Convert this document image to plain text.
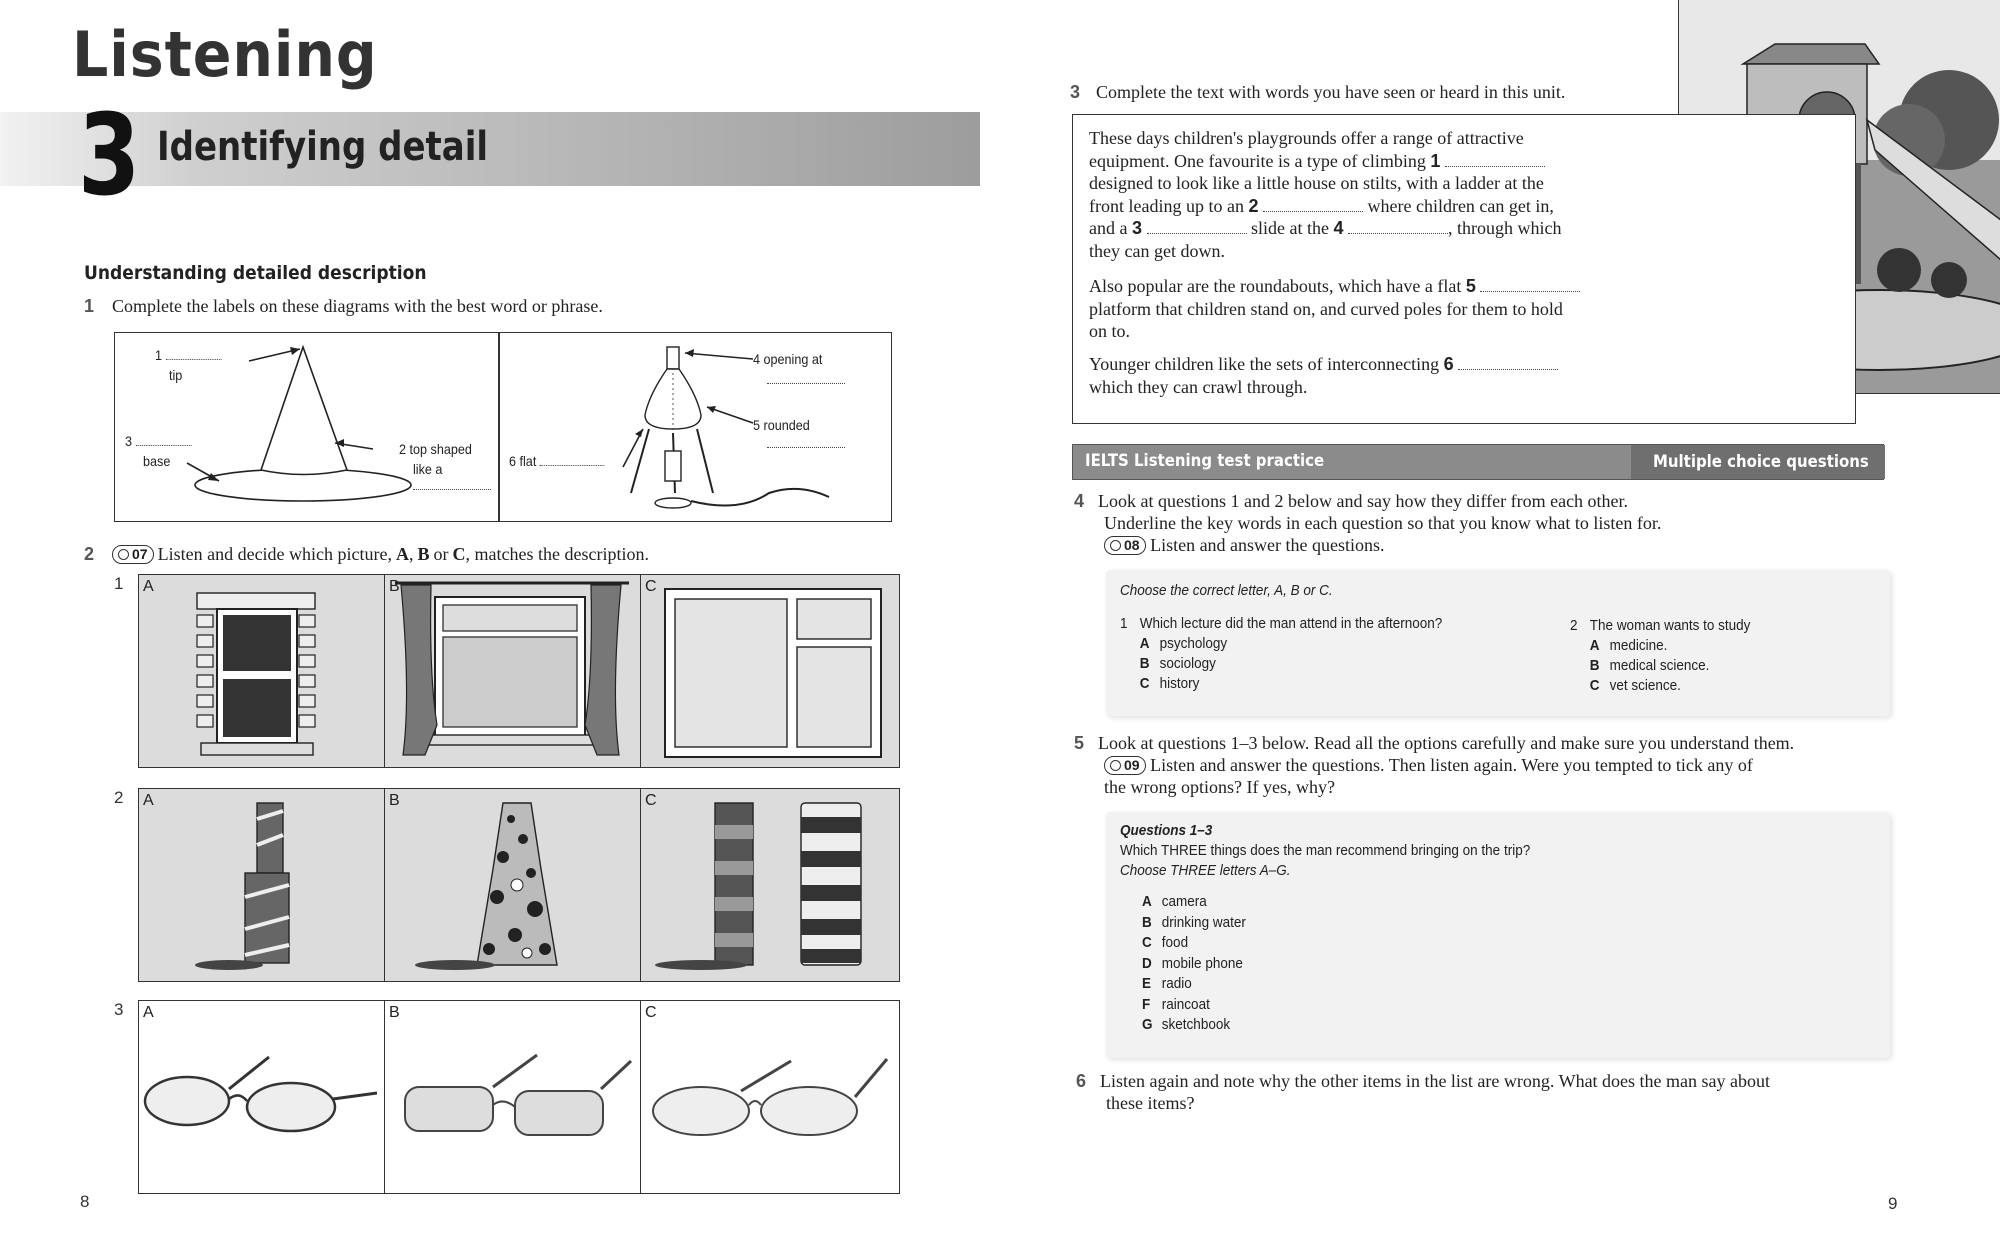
Listening
3 Identifying detail
Understanding detailed description
1 Complete the labels on these diagrams with the best word or phrase.
1
tip
3
base
2 top shaped
like a
4 opening at
5 rounded
6 flat
2	07 Listen and decide which picture, A, B or C, matches the description.
1 A	B	C
2 A	B	C
3 A	B	C
8
3 Complete the text with words you have seen or heard in this unit.
These days children's playgrounds offer a range of attractive
equipment. One favourite is a type of climbing 1
designed to look like a little house on stilts, with a ladder at the
front leading up to an 2	where children can get in,
and a 3	slide at the 4	, through which
they can get down.
Also popular are the roundabouts, which have a flat 5
platform that children stand on, and curved poles for them to hold
on to.
Younger children like the sets of interconnecting 6
which they can crawl through.
IELTS Listening test practice	Multiple choice questions
4 Look at questions 1 and 2 below and say how they differ from each other.
Underline the key words in each question so that you know what to listen for.
08 Listen and answer the questions.
Choose the correct letter, A, B or C.
1 Which lecture did the man attend in the afternoon?
A psychology
B sociology
C history
2 The woman wants to study
A medicine.
B medical science.
C vet science.
5 Look at questions 1–3 below. Read all the options carefully and make sure you understand them.
09 Listen and answer the questions. Then listen again. Were you tempted to tick any of
the wrong options? If yes, why?
Questions 1–3
Which THREE things does the man recommend bringing on the trip?
Choose THREE letters A–G.
A camera
B drinking water
C food
D mobile phone
E radio
F raincoat
G sketchbook
6 Listen again and note why the other items in the list are wrong. What does the man say about
these items?
9
